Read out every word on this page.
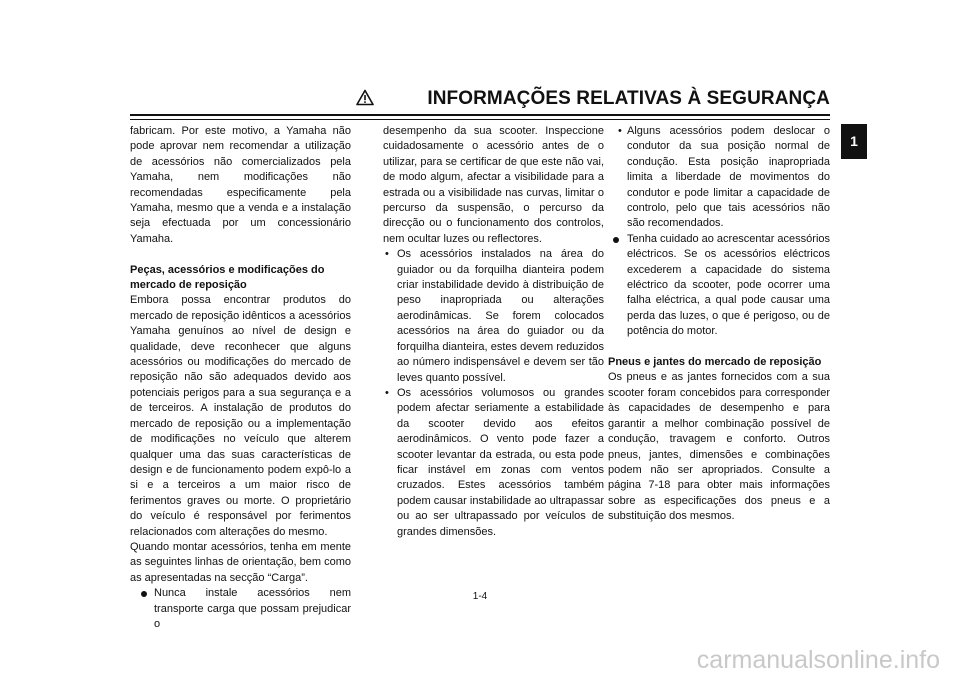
INFORMAÇÕES RELATIVAS À SEGURANÇA

fabricam. Por este motivo, a Yamaha não pode aprovar nem recomendar a utilização de acessórios não comercializados pela Yamaha, nem modificações não recomendadas especificamente pela Yamaha, mesmo que a venda e a instalação seja efectuada por um concessionário Yamaha.

Peças, acessórios e modificações do mercado de reposição

Embora possa encontrar produtos do mercado de reposição idênticos a acessórios Yamaha genuínos ao nível de design e qualidade, deve reconhecer que alguns acessórios ou modificações do mercado de reposição não são adequados devido aos potenciais perigos para a sua segurança e a de terceiros. A instalação de produtos do mercado de reposição ou a implementação de modificações no veículo que alterem qualquer uma das suas características de design e de funcionamento podem expô-lo a si e a terceiros a um maior risco de ferimentos graves ou morte. O proprietário do veículo é responsável por ferimentos relacionados com alterações do mesmo.

Quando montar acessórios, tenha em mente as seguintes linhas de orientação, bem como as apresentadas na secção “Carga”.

Nunca instale acessórios nem transporte carga que possam prejudicar o

desempenho da sua scooter. Inspeccione cuidadosamente o acessório antes de o utilizar, para se certificar de que este não vai, de modo algum, afectar a visibilidade para a estrada ou a visibilidade nas curvas, limitar o percurso da suspensão, o percurso da direcção ou o funcionamento dos controlos, nem ocultar luzes ou reflectores.

• Os acessórios instalados na área do guiador ou da forquilha dianteira podem criar instabilidade devido à distribuição de peso inapropriada ou alterações aerodinâmicas. Se forem colocados acessórios na área do guiador ou da forquilha dianteira, estes devem reduzidos ao número indispensável e devem ser tão leves quanto possível.

• Os acessórios volumosos ou grandes podem afectar seriamente a estabilidade da scooter devido aos efeitos aerodinâmicos. O vento pode fazer a scooter levantar da estrada, ou esta pode ficar instável em zonas com ventos cruzados. Estes acessórios também podem causar instabilidade ao ultrapassar ou ao ser ultrapassado por veículos de grandes dimensões.

• Alguns acessórios podem deslocar o condutor da sua posição normal de condução. Esta posição inapropriada limita a liberdade de movimentos do condutor e pode limitar a capacidade de controlo, pelo que tais acessórios não são recomendados.

Tenha cuidado ao acrescentar acessórios eléctricos. Se os acessórios eléctricos excederem a capacidade do sistema eléctrico da scooter, pode ocorrer uma falha eléctrica, a qual pode causar uma perda das luzes, o que é perigoso, ou de potência do motor.

Pneus e jantes do mercado de reposição

Os pneus e as jantes fornecidos com a sua scooter foram concebidos para corresponder às capacidades de desempenho e para garantir a melhor combinação possível de condução, travagem e conforto. Outros pneus, jantes, dimensões e combinações podem não ser apropriados. Consulte a página 7-18 para obter mais informações sobre as especificações dos pneus e a substituição dos mesmos.

1-4
1
carmanualsonline.info
